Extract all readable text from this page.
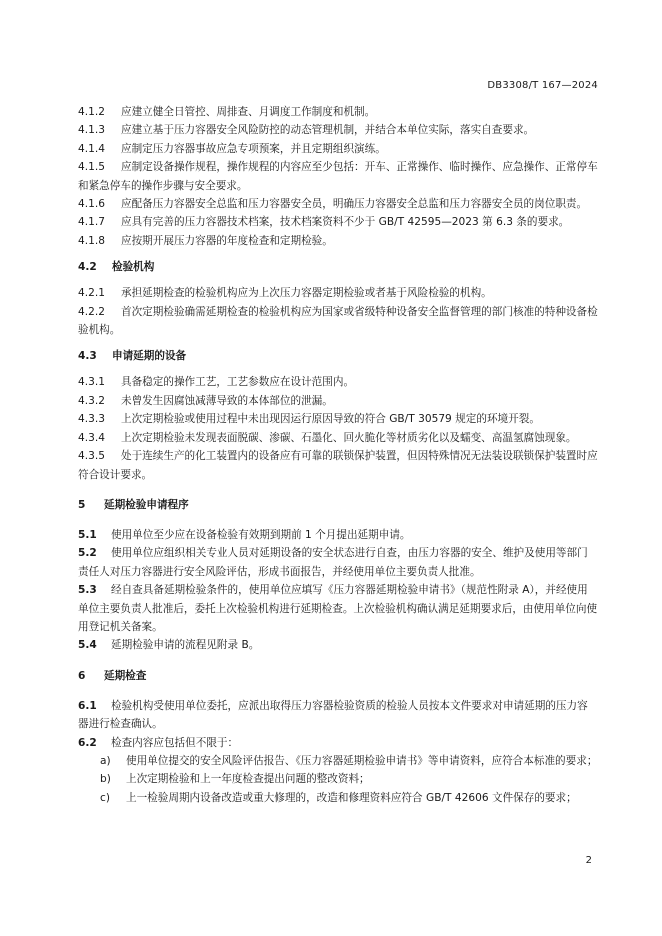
DB3308/T 167—2024

4.1.2 应建立健全日管控、周排查、月调度工作制度和机制。

4.1.3 应建立基于压力容器安全风险防控的动态管理机制，并结合本单位实际，落实自查要求。

4.1.4 应制定压力容器事故应急专项预案，并且定期组织演练。

4.1.5 应制定设备操作规程，操作规程的内容应至少包括：开车、正常操作、临时操作、应急操作、正常停车和紧急停车的操作步骤与安全要求。

4.1.6 应配备压力容器安全总监和压力容器安全员，明确压力容器安全总监和压力容器安全员的岗位职责。

4.1.7 应具有完善的压力容器技术档案，技术档案资料不少于 GB/T 42595—2023 第 6.3 条的要求。

4.1.8 应按期开展压力容器的年度检查和定期检验。

4.2 检验机构

4.2.1 承担延期检查的检验机构应为上次压力容器定期检验或者基于风险检验的机构。

4.2.2 首次定期检验确需延期检查的检验机构应为国家或省级特种设备安全监督管理的部门核准的特种设备检验机构。

4.3 申请延期的设备

4.3.1 具备稳定的操作工艺，工艺参数应在设计范围内。

4.3.2 未曾发生因腐蚀减薄导致的本体部位的泄漏。

4.3.3 上次定期检验或使用过程中未出现因运行原因导致的符合 GB/T 30579 规定的环境开裂。

4.3.4 上次定期检验未发现表面脱碳、渗碳、石墨化、回火脆化等材质劣化以及蠕变、高温氢腐蚀现象。

4.3.5 处于连续生产的化工装置内的设备应有可靠的联锁保护装置，但因特殊情况无法装设联锁保护装置时应符合设计要求。

5 延期检验申请程序

5.1 使用单位至少应在设备检验有效期到期前 1 个月提出延期申请。

5.2 使用单位应组织相关专业人员对延期设备的安全状态进行自查，由压力容器的安全、维护及使用等部门责任人对压力容器进行安全风险评估，形成书面报告，并经使用单位主要负责人批准。

5.3 经自查具备延期检验条件的，使用单位应填写《压力容器延期检验申请书》（规范性附录 A），并经使用单位主要负责人批准后，委托上次检验机构进行延期检查。上次检验机构确认满足延期要求后，由使用单位向使用登记机关备案。

5.4 延期检验申请的流程见附录 B。

6 延期检查

6.1 检验机构受使用单位委托，应派出取得压力容器检验资质的检验人员按本文件要求对申请延期的压力容器进行检查确认。

6.2 检查内容应包括但不限于：

a)	使用单位提交的安全风险评估报告、《压力容器延期检验申请书》等申请资料，应符合本标准的要求；
b)	上次定期检验和上一年度检查提出问题的整改资料；
c)	上一检验周期内设备改造或重大修理的，改造和修理资料应符合 GB/T 42606 文件保存的要求；
2
